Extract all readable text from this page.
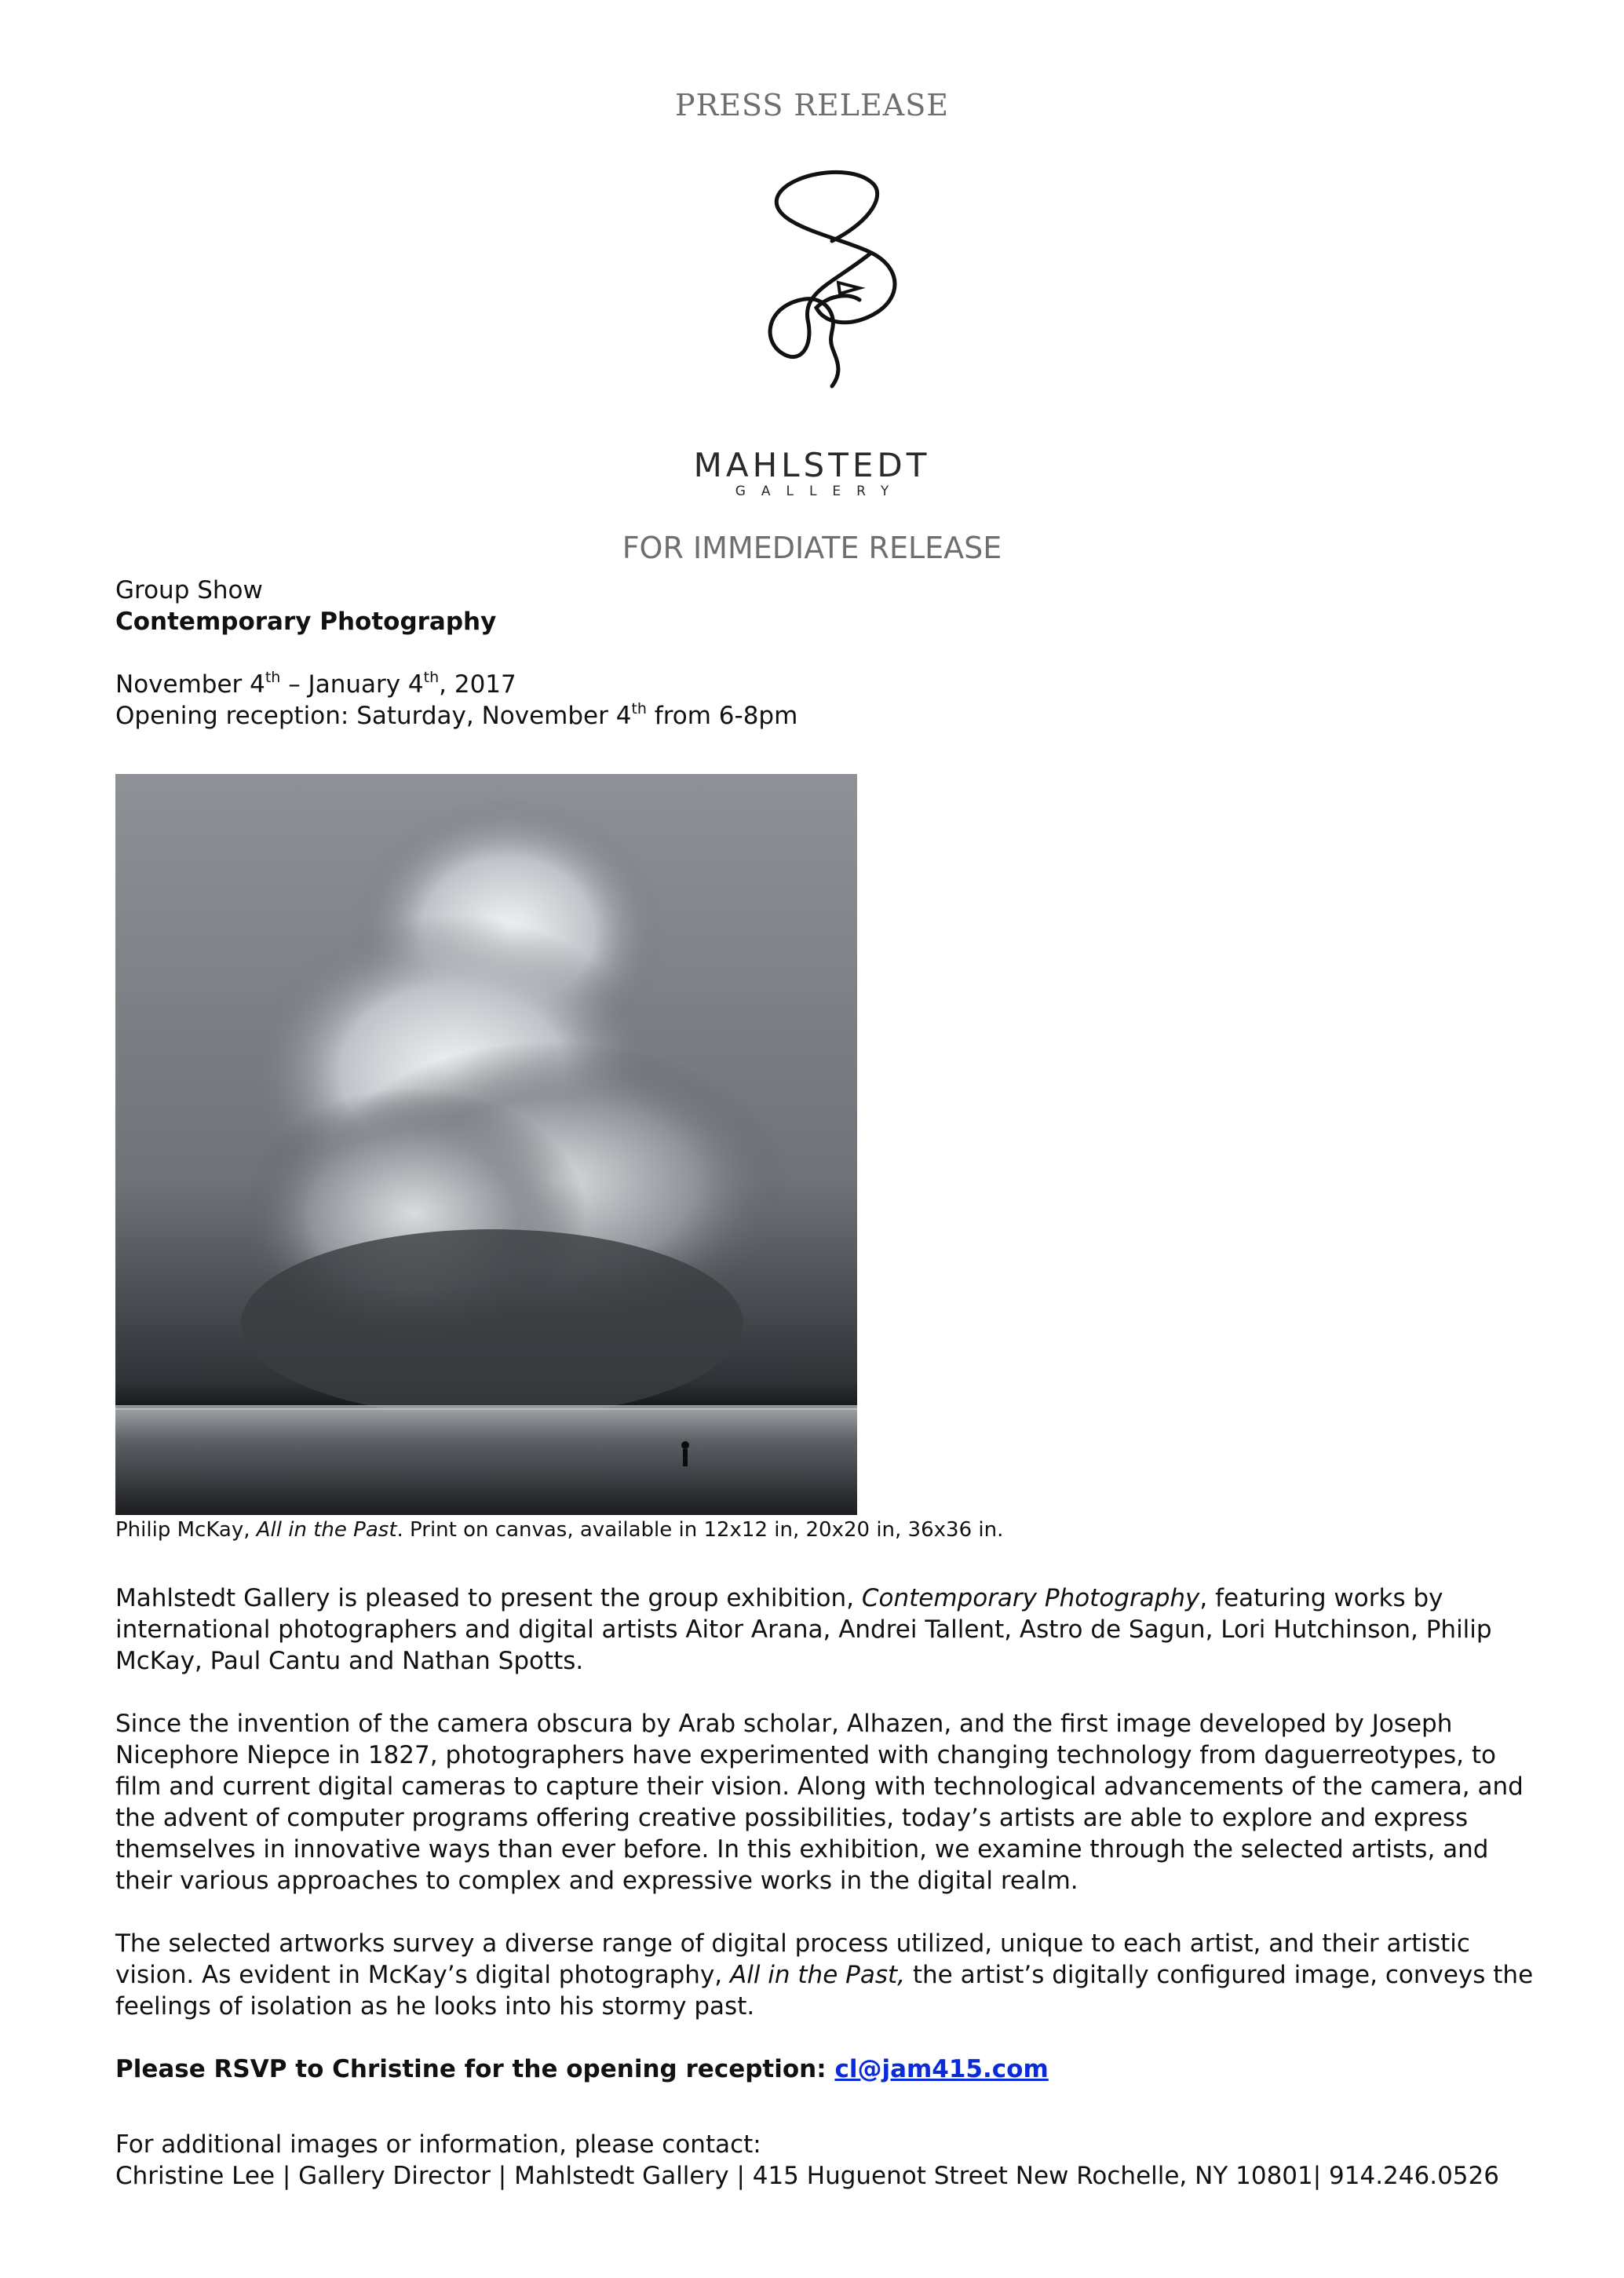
PRESS RELEASE
MAHLSTEDT
GALLERY
FOR IMMEDIATE RELEASE
Group Show
Contemporary Photography
November 4th – January 4th, 2017
Opening reception: Saturday, November 4th from 6-8pm
Philip McKay, All in the Past. Print on canvas, available in 12x12 in, 20x20 in, 36x36 in.
Mahlstedt Gallery is pleased to present the group exhibition, Contemporary Photography, featuring works by international photographers and digital artists Aitor Arana, Andrei Tallent, Astro de Sagun, Lori Hutchinson, Philip McKay, Paul Cantu and Nathan Spotts.
Since the invention of the camera obscura by Arab scholar, Alhazen, and the first image developed by Joseph Nicephore Niepce in 1827, photographers have experimented with changing technology from daguerreotypes, to film and current digital cameras to capture their vision. Along with technological advancements of the camera, and the advent of computer programs offering creative possibilities, today’s artists are able to explore and express themselves in innovative ways than ever before. In this exhibition, we examine through the selected artists, and their various approaches to complex and expressive works in the digital realm.
The selected artworks survey a diverse range of digital process utilized, unique to each artist, and their artistic vision. As evident in McKay’s digital photography, All in the Past, the artist’s digitally configured image, conveys the feelings of isolation as he looks into his stormy past.
Please RSVP to Christine for the opening reception: cl@jam415.com
For additional images or information, please contact:
Christine Lee | Gallery Director | Mahlstedt Gallery | 415 Huguenot Street New Rochelle, NY 10801| 914.246.0526
